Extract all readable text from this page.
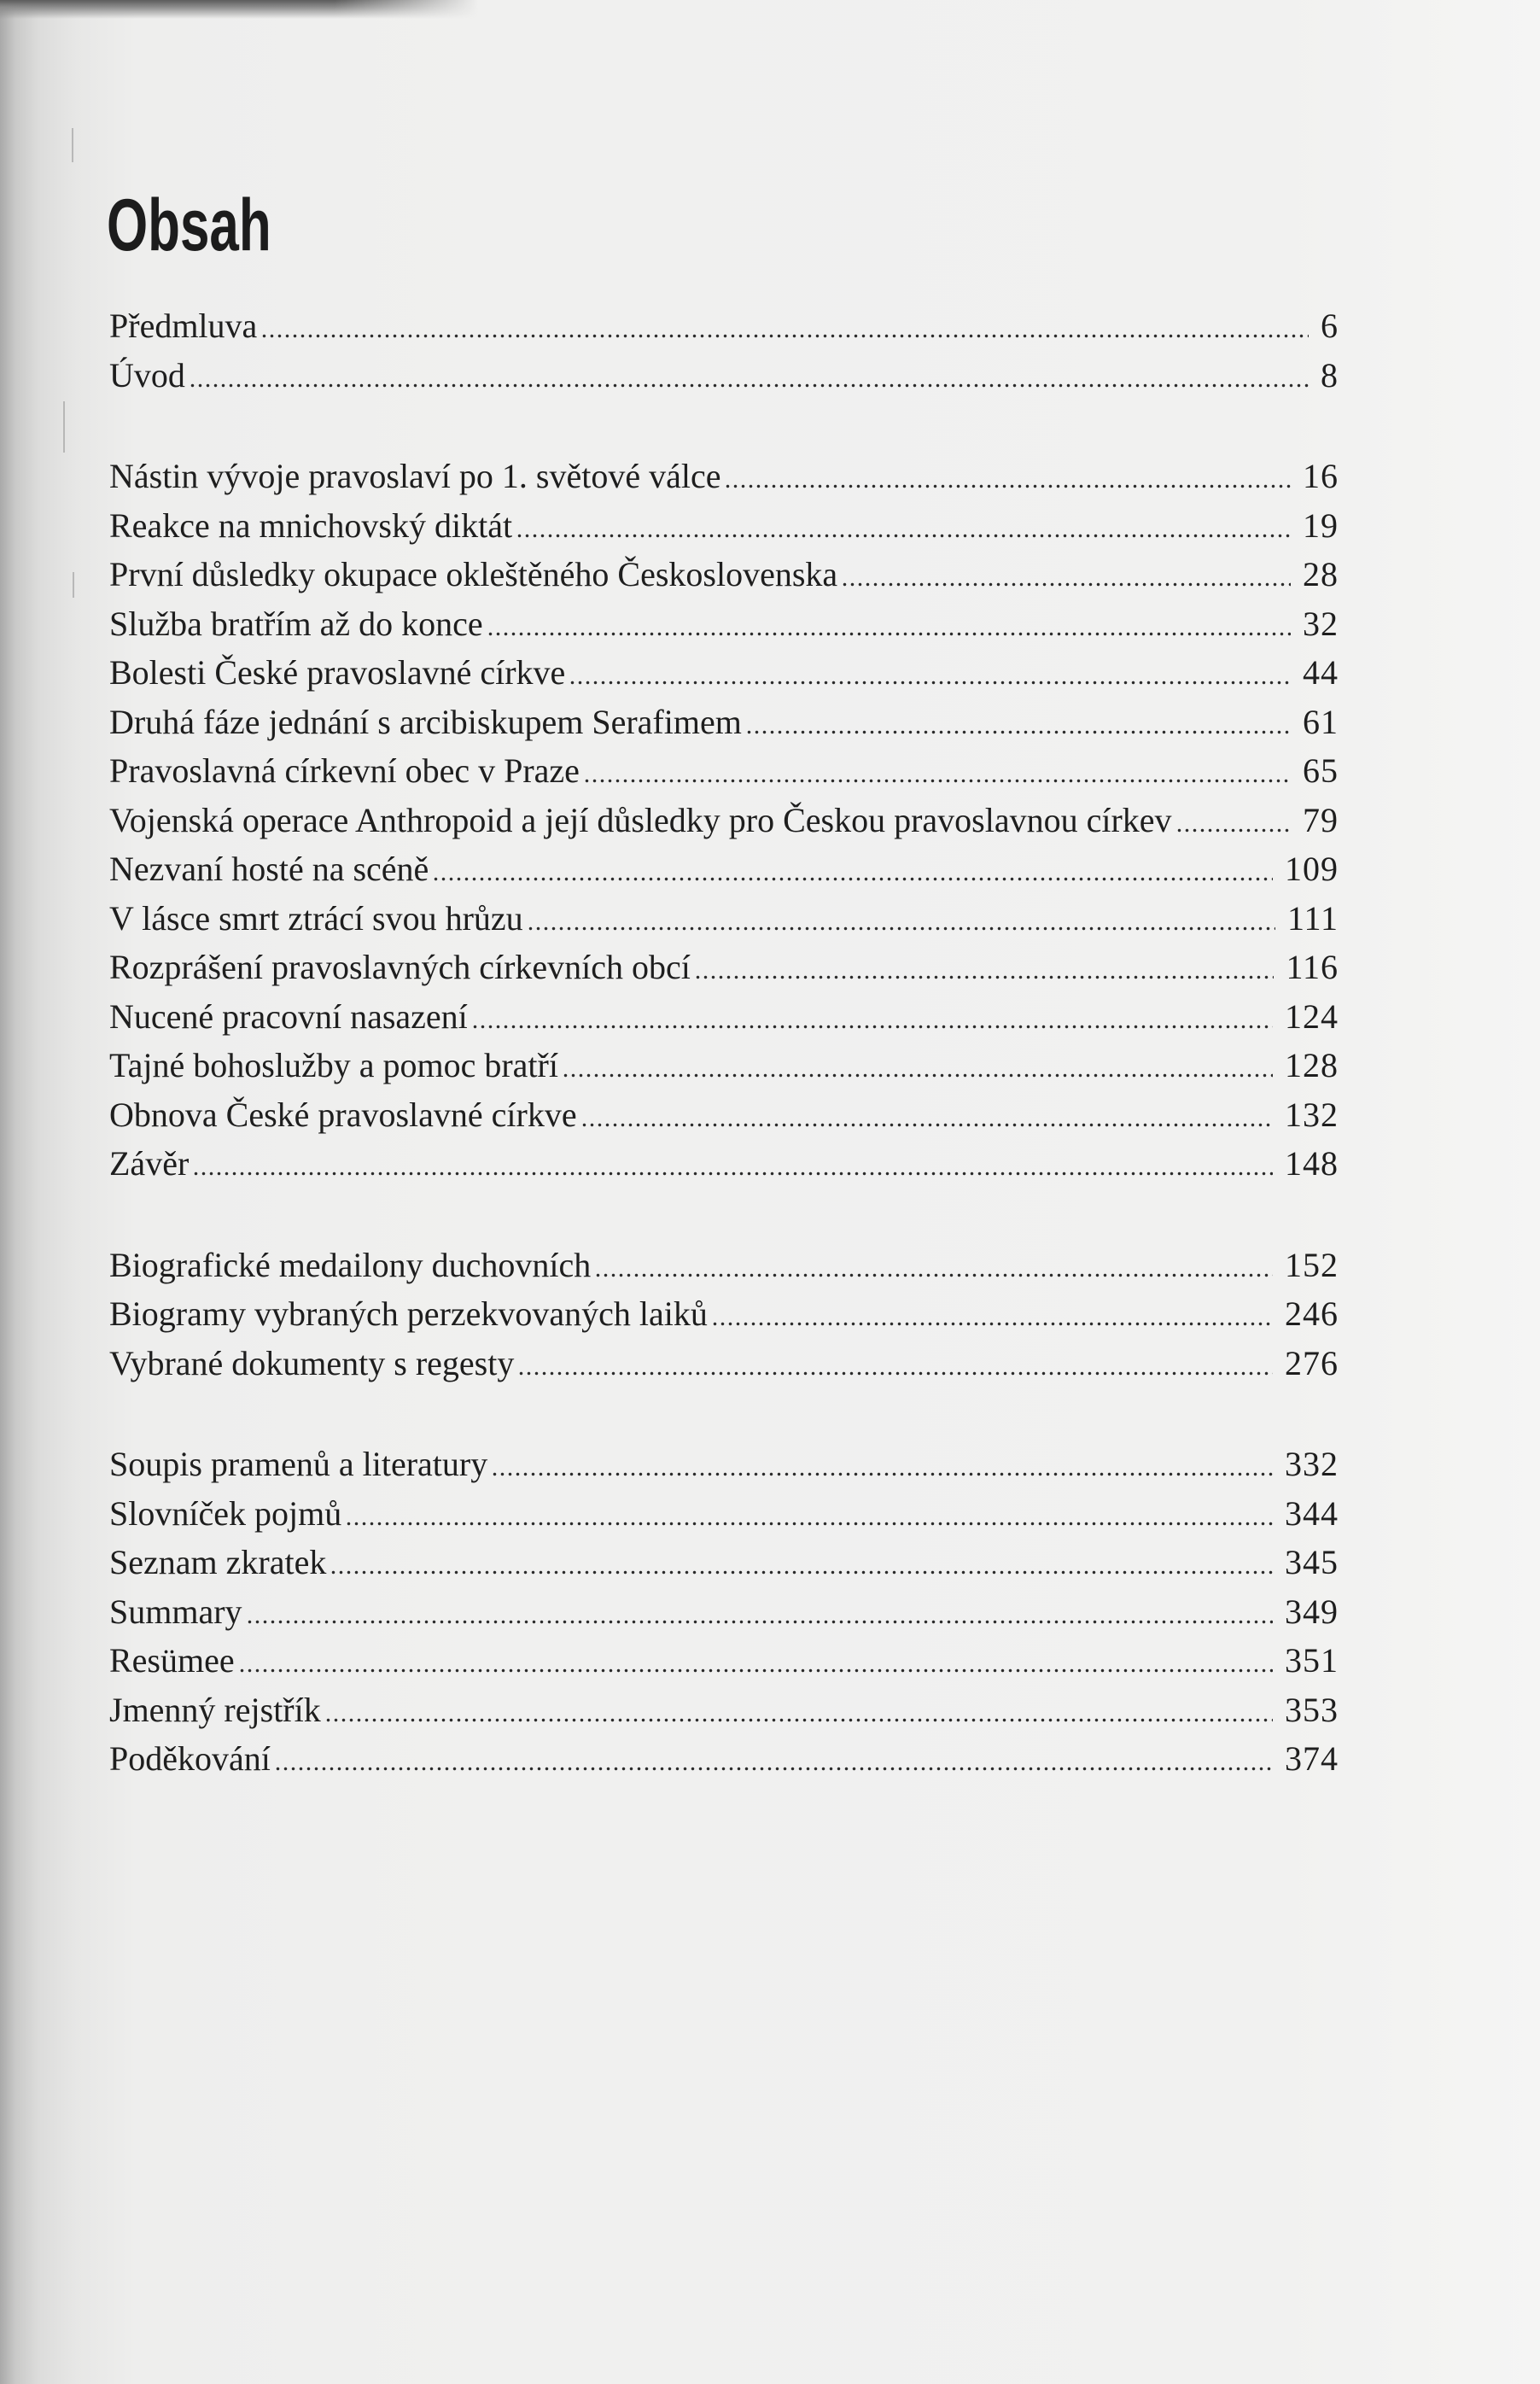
Obsah
Předmluva	6
Úvod	8
Nástin vývoje pravoslaví po 1. světové válce	16
Reakce na mnichovský diktát	19
První důsledky okupace okleštěného Československa	28
Služba bratřím až do konce	32
Bolesti České pravoslavné církve	44
Druhá fáze jednání s arcibiskupem Serafimem	61
Pravoslavná církevní obec v Praze	65
Vojenská operace Anthropoid a její důsledky pro Českou pravoslavnou církev	79
Nezvaní hosté na scéně	109
V lásce smrt ztrácí svou hrůzu	111
Rozprášení pravoslavných církevních obcí	116
Nucené pracovní nasazení	124
Tajné bohoslužby a pomoc bratří	128
Obnova České pravoslavné církve	132
Závěr	148
Biografické medailony duchovních	152
Biogramy vybraných perzekvovaných laiků	246
Vybrané dokumenty s regesty	276
Soupis pramenů a literatury	332
Slovníček pojmů	344
Seznam zkratek	345
Summary	349
Resümee	351
Jmenný rejstřík	353
Poděkování	374
